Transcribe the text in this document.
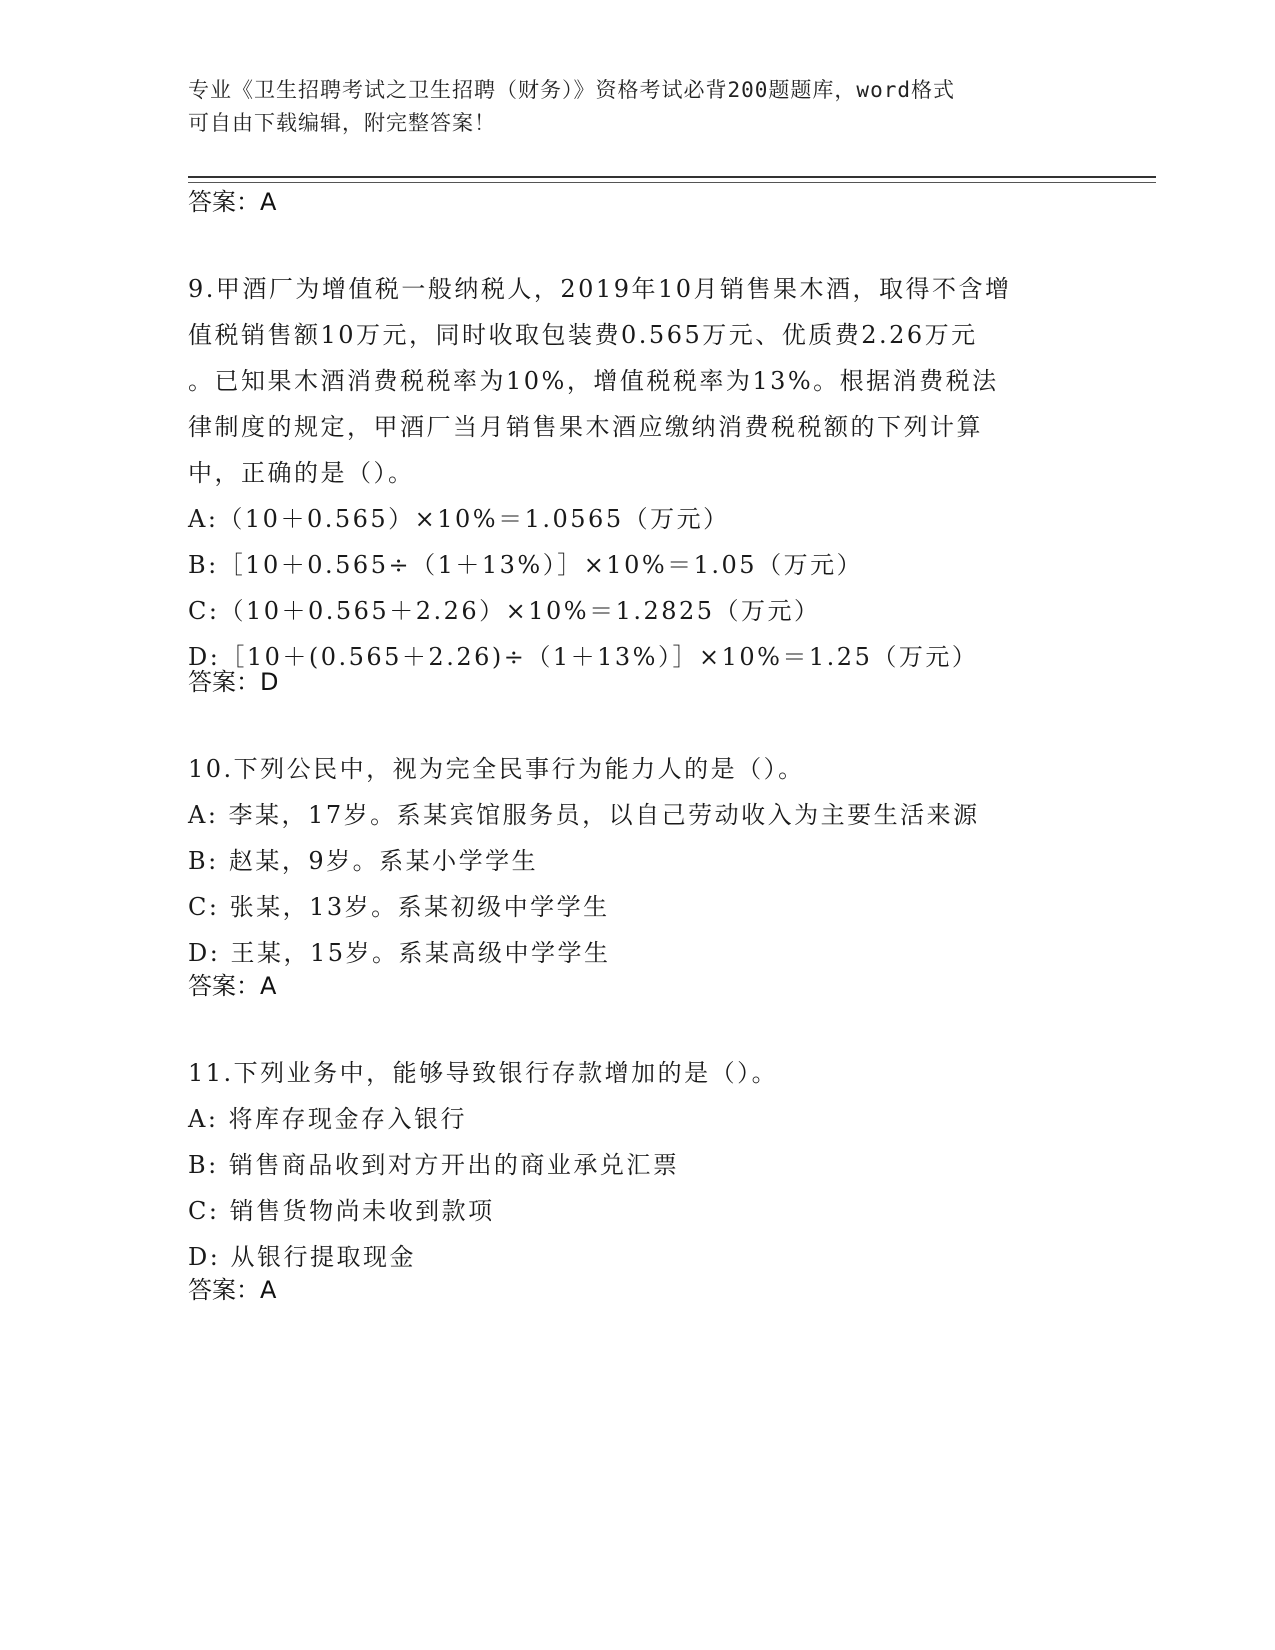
专业《卫生招聘考试之卫生招聘（财务）》资格考试必背200题题库，word格式
可自由下载编辑，附完整答案！
答案：A

9.甲酒厂为增值税一般纳税人，2019年10月销售果木酒，取得不含增

值税销售额10万元，同时收取包装费0.565万元、优质费2.26万元

。已知果木酒消费税税率为10%，增值税税率为13%。根据消费税法

律制度的规定，甲酒厂当月销售果木酒应缴纳消费税税额的下列计算

中，正确的是（）。

A:（10＋0.565）×10%＝1.0565（万元）

B:［10＋0.565÷（1＋13%）］×10%＝1.05（万元）

C:（10＋0.565＋2.26）×10%＝1.2825（万元）

D:［10＋(0.565＋2.26)÷（1＋13%）］×10%＝1.25（万元）

答案：D

10.下列公民中，视为完全民事行为能力人的是（）。

A: 李某，17岁。系某宾馆服务员，以自己劳动收入为主要生活来源

B: 赵某，9岁。系某小学学生

C: 张某，13岁。系某初级中学学生

D: 王某，15岁。系某高级中学学生

答案：A

11.下列业务中，能够导致银行存款增加的是（）。

A: 将库存现金存入银行

B: 销售商品收到对方开出的商业承兑汇票

C: 销售货物尚未收到款项

D: 从银行提取现金

答案：A
